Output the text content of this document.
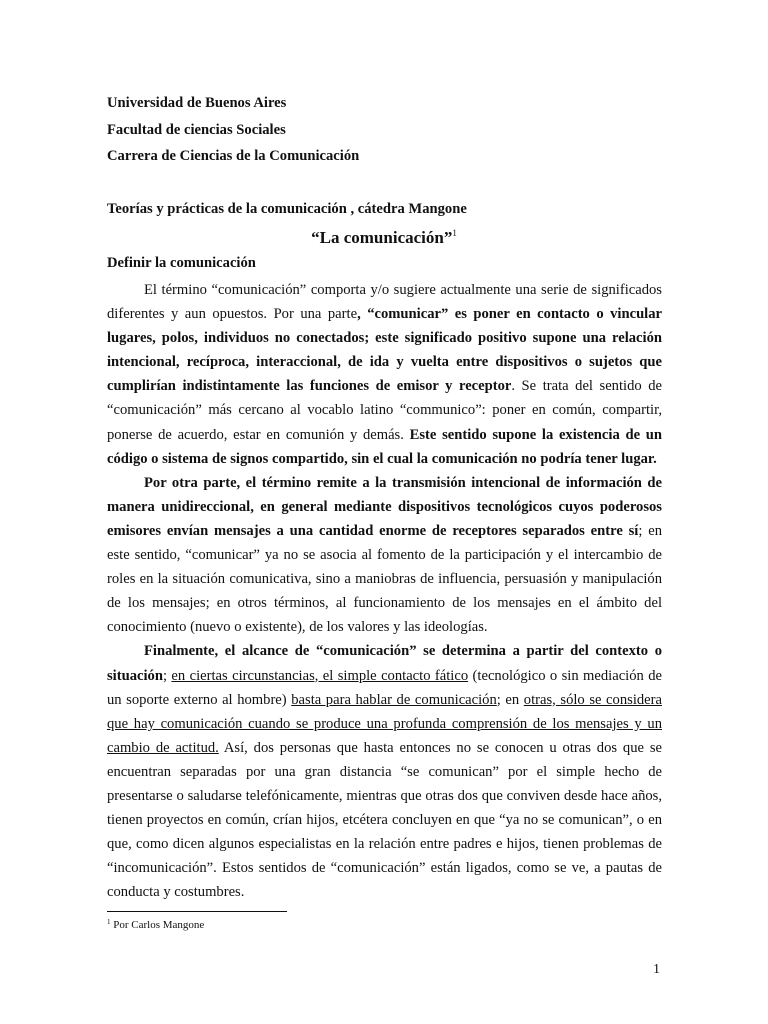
Universidad de Buenos Aires
Facultad de ciencias Sociales
Carrera de Ciencias de la Comunicación
Teorías y prácticas de la comunicación , cátedra Mangone
“La comunicación”$^1$
Definir la comunicación

El término “comunicación” comporta y/o sugiere actualmente una serie de significados diferentes y aun opuestos. Por una parte, “comunicar” es poner en contacto o vincular lugares, polos, individuos no conectados; este significado positivo supone una relación intencional, recíproca, interaccional, de ida y vuelta entre dispositivos o sujetos que cumplirían indistintamente las funciones de emisor y receptor. Se trata del sentido de “comunicación” más cercano al vocablo latino “communico”: poner en común, compartir, ponerse de acuerdo, estar en comunión y demás. Este sentido supone la existencia de un código o sistema de signos compartido, sin el cual la comunicación no podría tener lugar.

Por otra parte, el término remite a la transmisión intencional de información de manera unidireccional, en general mediante dispositivos tecnológicos cuyos poderosos emisores envían mensajes a una cantidad enorme de receptores separados entre sí; en este sentido, “comunicar” ya no se asocia al fomento de la participación y el intercambio de roles en la situación comunicativa, sino a maniobras de influencia, persuasión y manipulación de los mensajes; en otros términos, al funcionamiento de los mensajes en el ámbito del conocimiento (nuevo o existente), de los valores y las ideologías.

Finalmente, el alcance de “comunicación” se determina a partir del contexto o situación; en ciertas circunstancias, el simple contacto fático (tecnológico o sin mediación de un soporte externo al hombre) basta para hablar de comunicación; en otras, sólo se considera que hay comunicación cuando se produce una profunda comprensión de los mensajes y un cambio de actitud. Así, dos personas que hasta entonces no se conocen u otras dos que se encuentran separadas por una gran distancia “se comunican” por el simple hecho de presentarse o saludarse telefónicamente, mientras que otras dos que conviven desde hace años, tienen proyectos en común, crían hijos, etcétera concluyen en que “ya no se comunican”, o en que, como dicen algunos especialistas en la relación entre padres e hijos, tienen problemas de “incomunicación”. Estos sentidos de “comunicación” están ligados, como se ve, a pautas de conducta y costumbres.

$^1$ Por Carlos Mangone
1
